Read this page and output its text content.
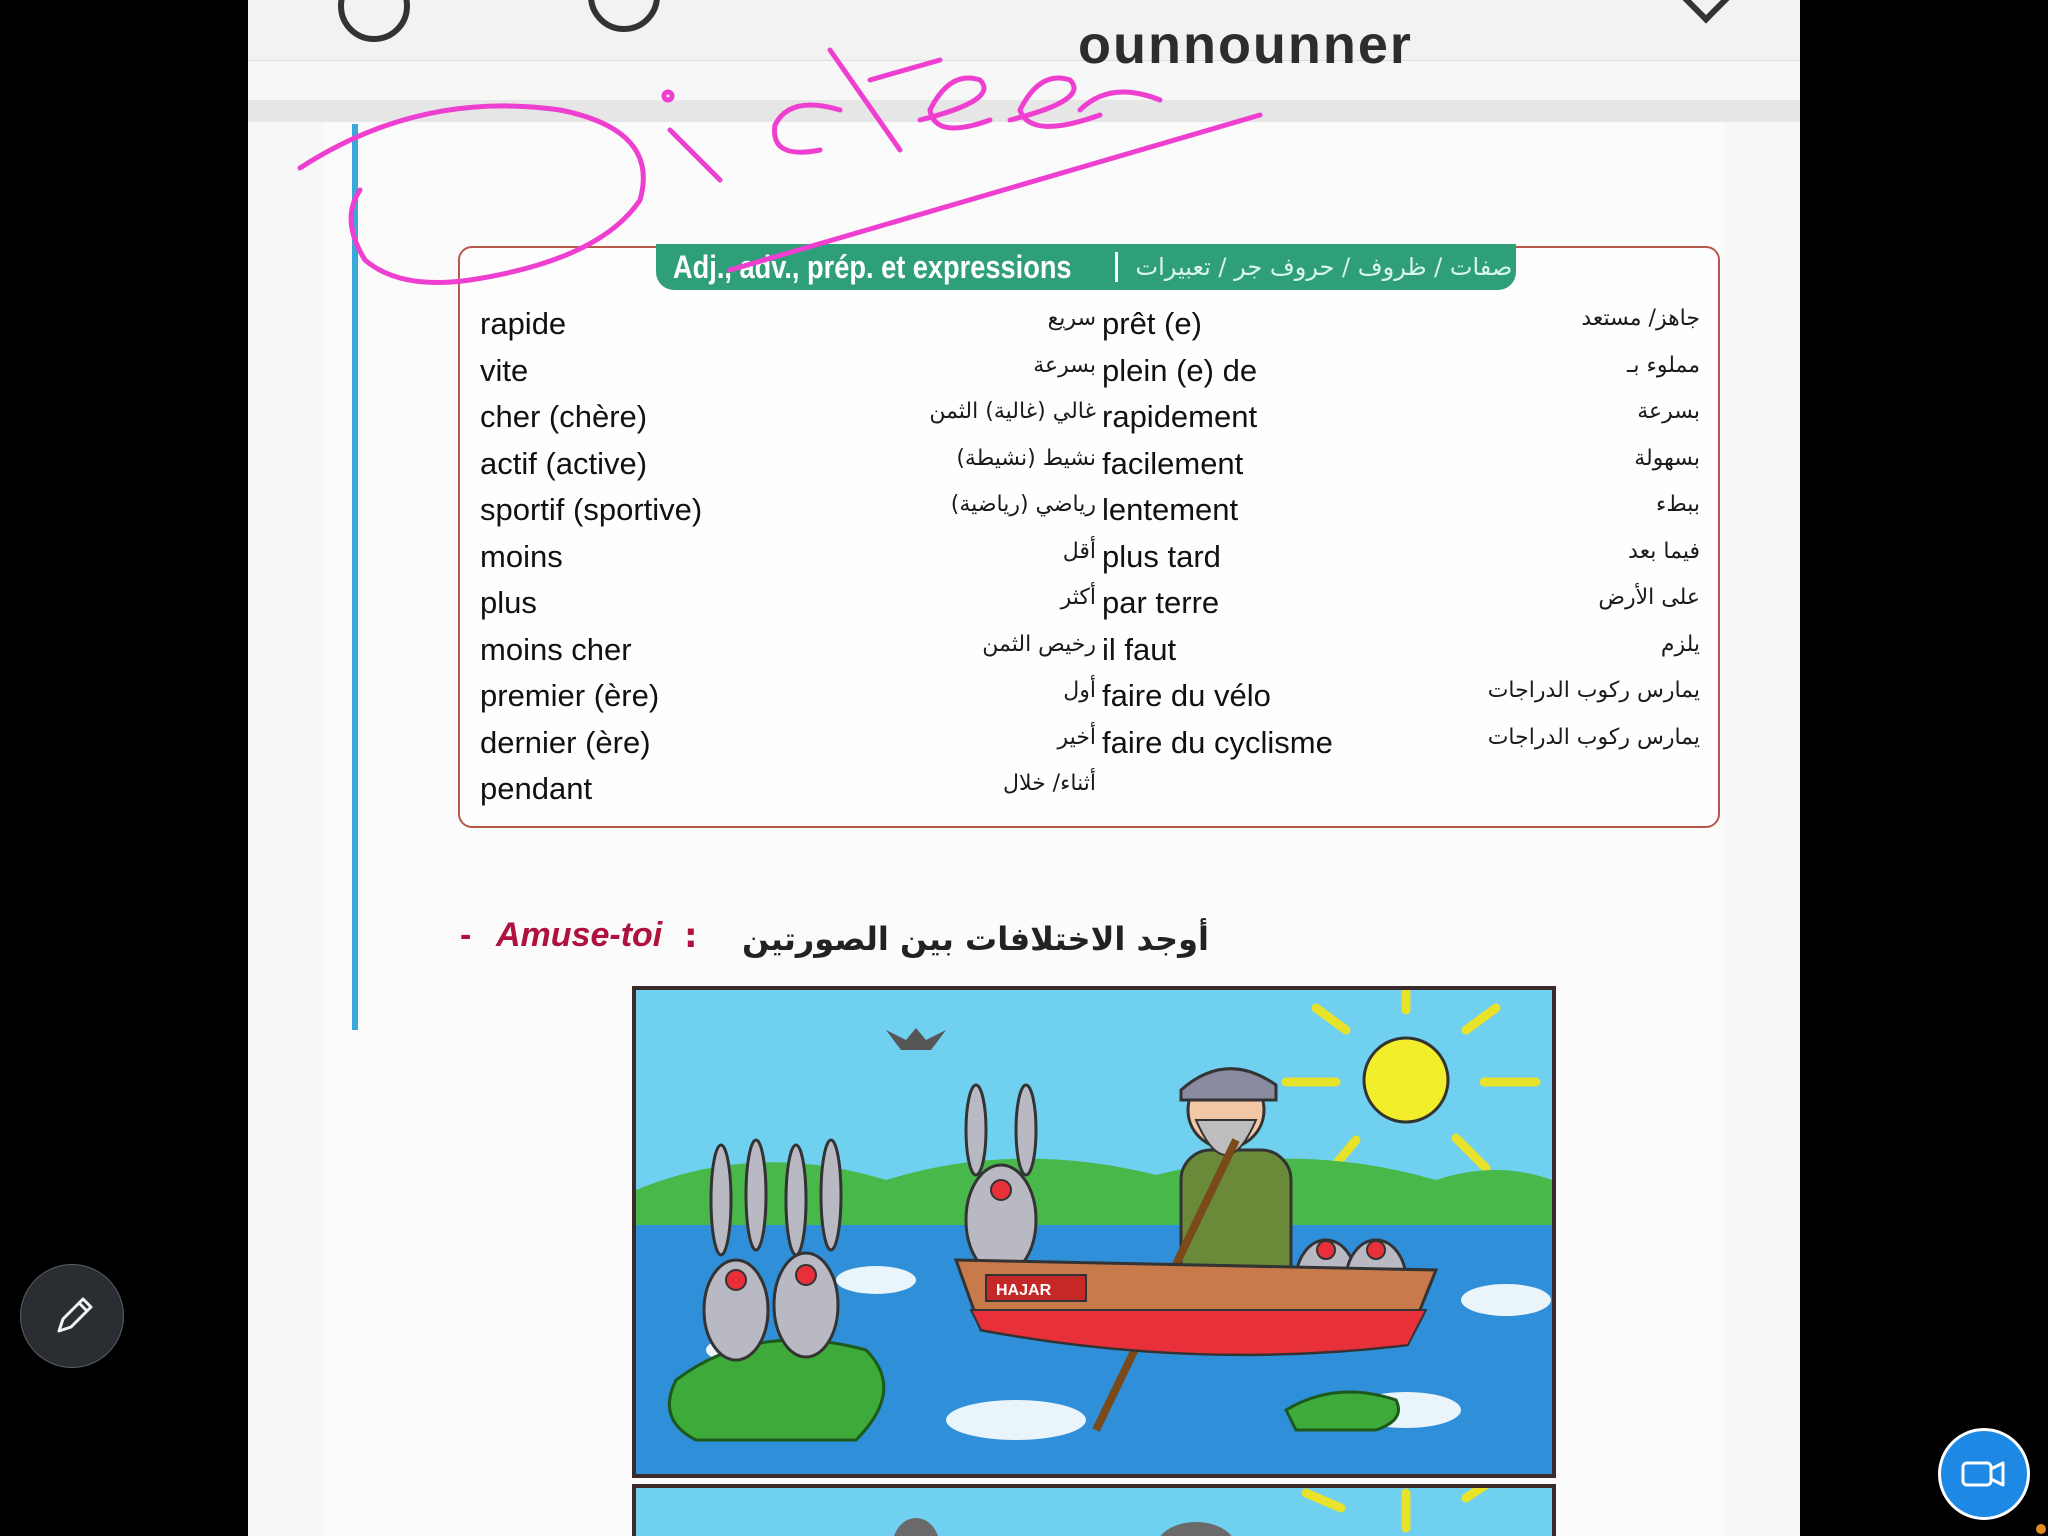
ounnounner
Adj., adv., prép. et expressions	صفات / ظروف / حروف جر / تعبيرات
rapide	سريع prêt (e)	جاهز/ مستعد
vite	بسرعة plein (e) de	مملوء بـ
cher (chère)	غالي (غالية) الثمن rapidement	بسرعة
actif (active)	نشيط (نشيطة) facilement	بسهولة
sportif (sportive)	رياضي (رياضية) lentement	ببطء
moins	أقل plus tard	فيما بعد
plus	أكثر par terre	على الأرض
moins cher	رخيص الثمن il faut	يلزم
premier (ère)	أول faire du vélo	يمارس ركوب الدراجات
dernier (ère)	أخير faire du cyclisme	يمارس ركوب الدراجات
pendant	أثناء/ خلال
- Amuse-toi : أوجد الاختلافات بين الصورتين
HAJAR
